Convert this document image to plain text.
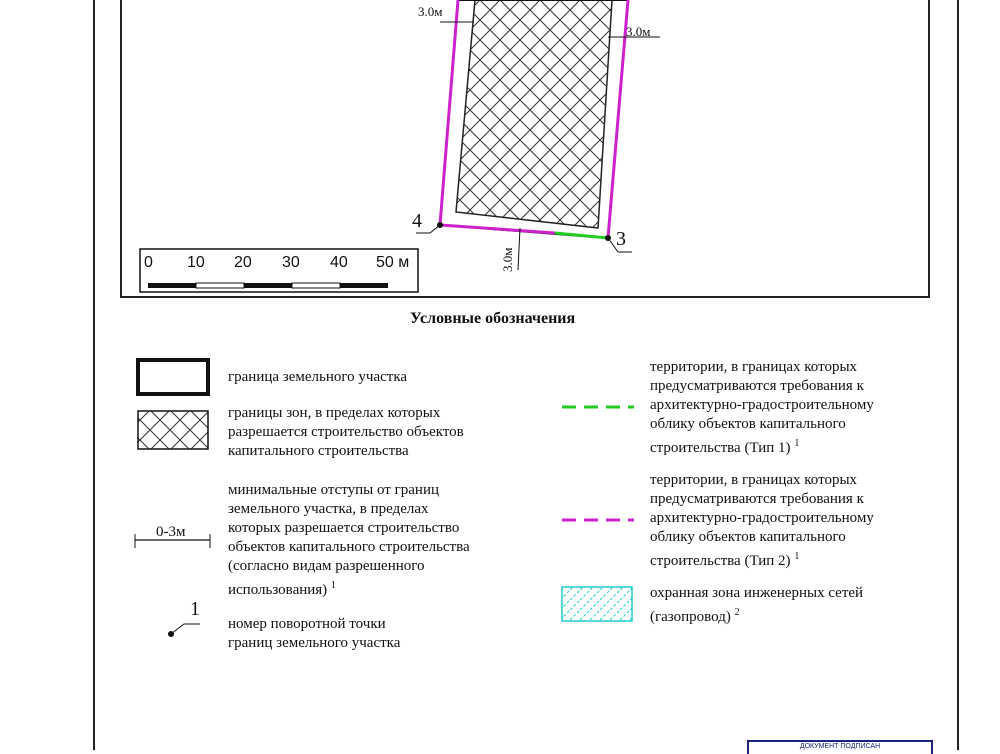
3.0м
3.0м
3.0м
3
4
0 10 20 30 40 50 м
Условные обозначения
граница земельного участка
границы зон, в пределах которых
разрешается строительство объектов
капитального строительства
0-3м
минимальные отступы от границ
земельного участка, в пределах
которых разрешается строительство
объектов капитального строительства
(согласно видам разрешенного
использования) $^1$
1
номер поворотной точки
границ земельного участка
территории, в границах которых
предусматриваются требования к
архитектурно-градостроительному
облику объектов капитального
строительства (Тип 1) $^1$
территории, в границах которых
предусматриваются требования к
архитектурно-градостроительному
облику объектов капитального
строительства (Тип 2) $^1$
охранная зона инженерных сетей
(газопровод) $^2$
ДОКУМЕНТ ПОДПИСАН
